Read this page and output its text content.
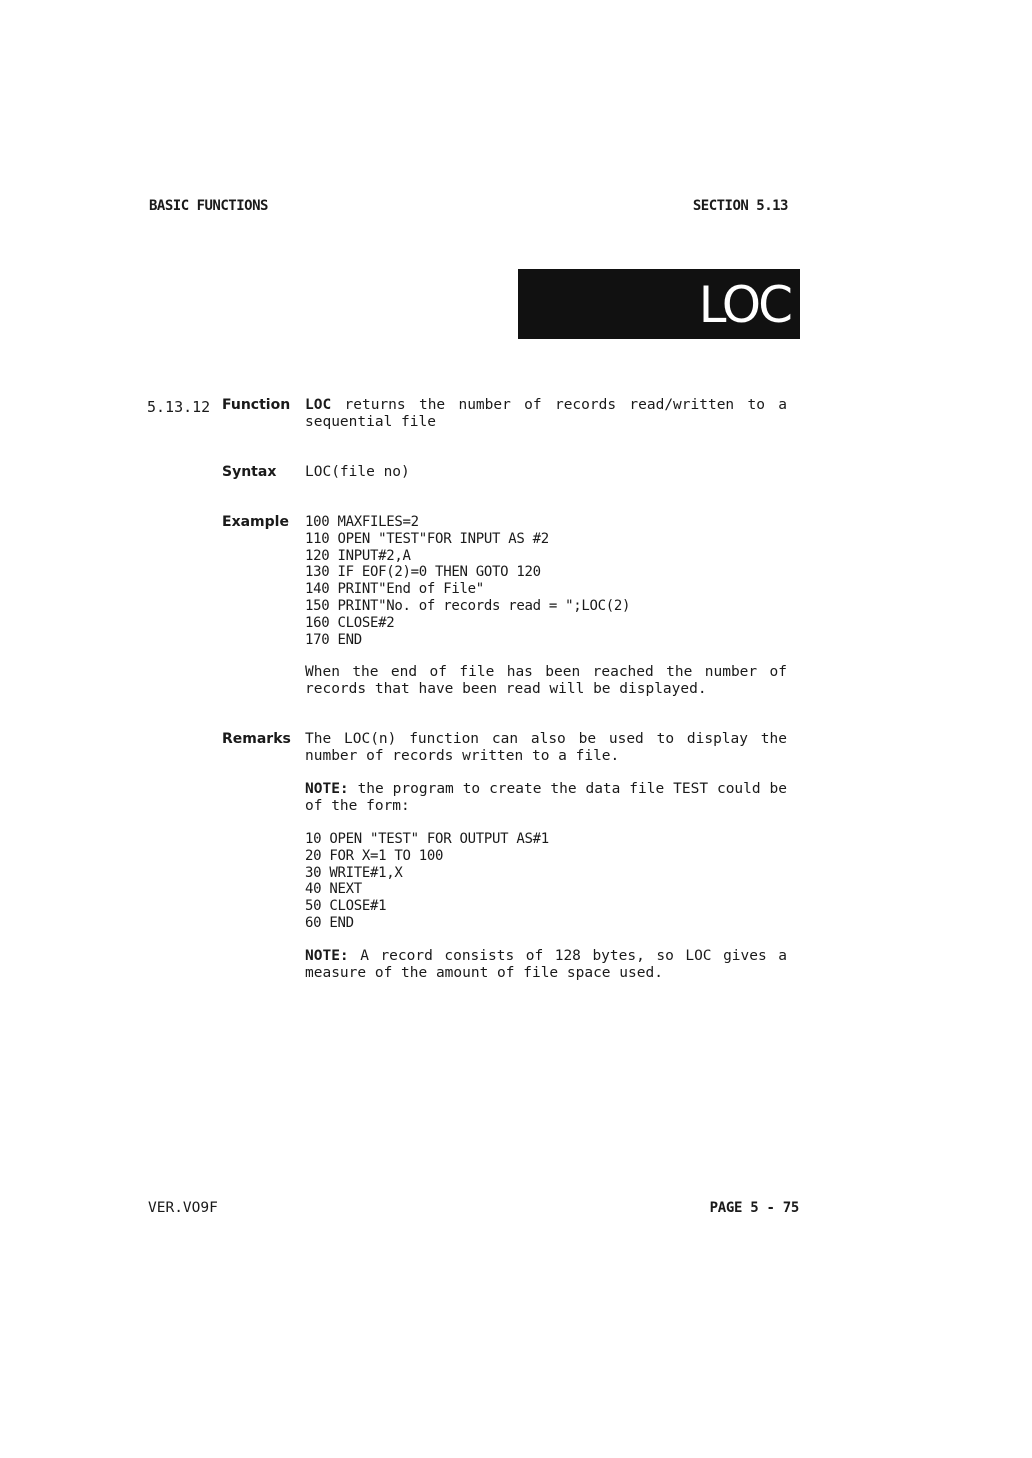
BASIC FUNCTIONS	SECTION 5.13
LOC
5.13.12 Function LOC returns the number of records read/written to a sequential file
Syntax LOC(file no)
Example 100 MAXFILES=2
110 OPEN "TEST"FOR INPUT AS #2
120 INPUT#2,A
130 IF EOF(2)=0 THEN GOTO 120
140 PRINT"End of File"
150 PRINT"No. of records read = ";LOC(2)
160 CLOSE#2
170 END
When the end of file has been reached the number of records that have been read will be displayed.
Remarks The LOC(n) function can also be used to display the number of records written to a file.
NOTE: the program to create the data file TEST could be of the form:
10 OPEN "TEST" FOR OUTPUT AS#1
20 FOR X=1 TO 100
30 WRITE#1,X
40 NEXT
50 CLOSE#1
60 END
NOTE: A record consists of 128 bytes, so LOC gives a measure of the amount of file space used.
VER.VO9F	PAGE 5 - 75
